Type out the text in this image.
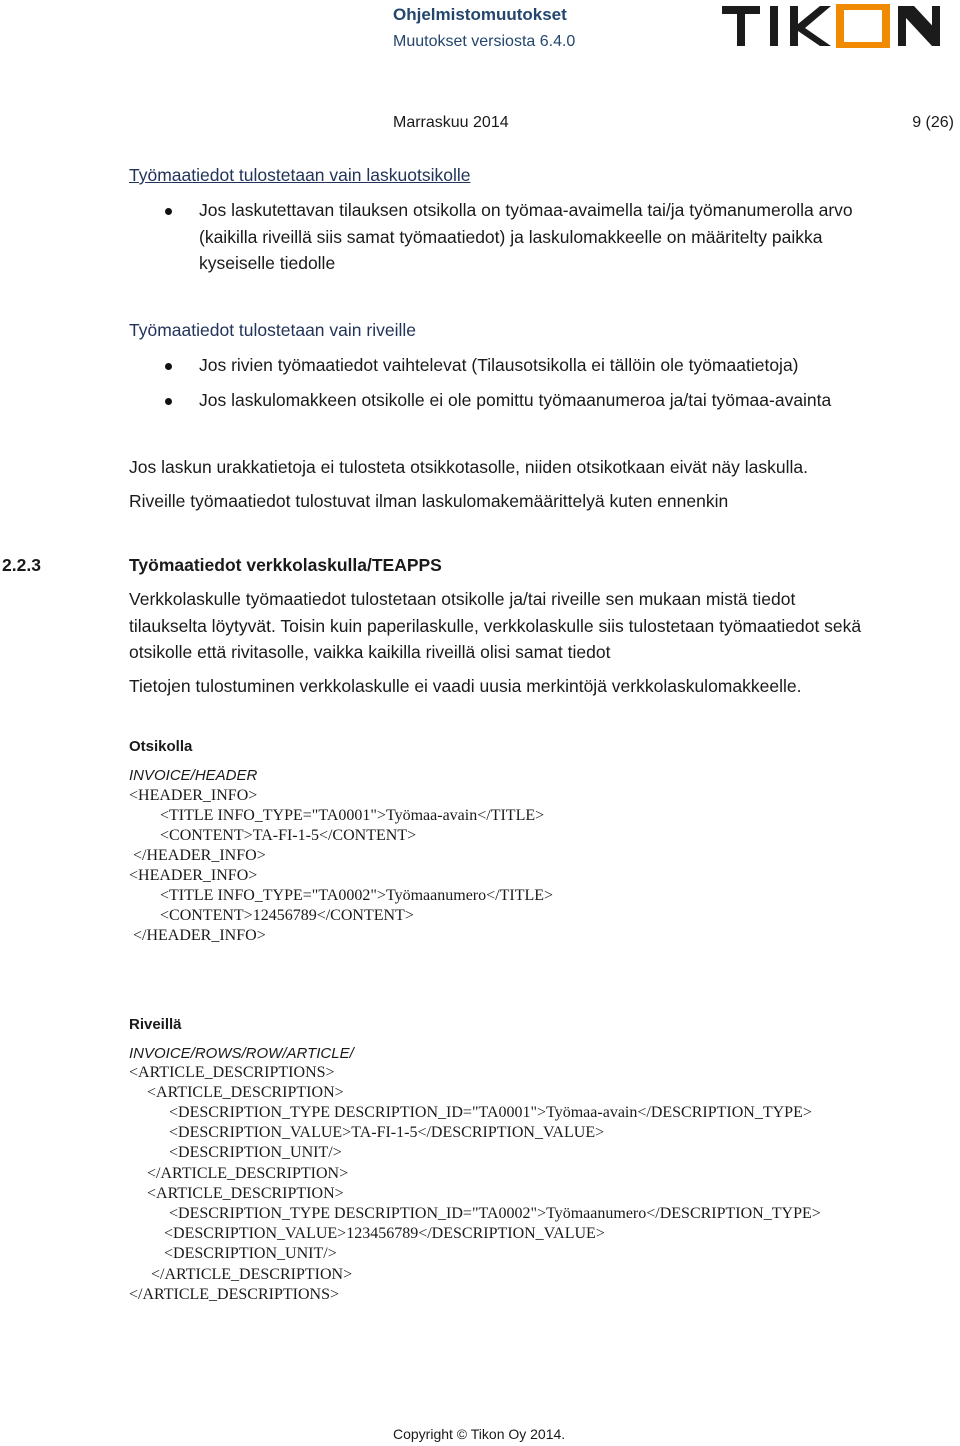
Ohjelmistomuutokset
Muutokset versiosta 6.4.0
Marraskuu 2014	9 (26)
Työmaatiedot tulostetaan vain laskuotsikolle
Jos laskutettavan tilauksen otsikolla on työmaa-avaimella tai/ja työmanumerolla arvo
(kaikilla riveillä siis samat työmaatiedot) ja laskulomakkeelle on määritelty paikka
kyseiselle tiedolle
Työmaatiedot tulostetaan vain riveille
Jos rivien työmaatiedot vaihtelevat (Tilausotsikolla ei tällöin ole työmaatietoja)
Jos laskulomakkeen otsikolle ei ole pomittu työmaanumeroa ja/tai työmaa-avainta
Jos laskun urakkatietoja ei tulosteta otsikkotasolle, niiden otsikotkaan eivät näy laskulla.
Riveille työmaatiedot tulostuvat ilman laskulomakemäärittelyä kuten ennenkin
2.2.3	Työmaatiedot verkkolaskulla/TEAPPS
Verkkolaskulle työmaatiedot tulostetaan otsikolle ja/tai riveille sen mukaan mistä tiedot
tilaukselta löytyvät. Toisin kuin paperilaskulle, verkkolaskulle siis tulostetaan työmaatiedot sekä
otsikolle että rivitasolle, vaikka kaikilla riveillä olisi samat tiedot
Tietojen tulostuminen verkkolaskulle ei vaadi uusia merkintöjä verkkolaskulomakkeelle.
Otsikolla
INVOICE/HEADER
<HEADER_INFO>
<TITLE INFO_TYPE="TA0001">Työmaa-avain</TITLE>
<CONTENT>TA-FI-1-5</CONTENT>
</HEADER_INFO>
<HEADER_INFO>
<TITLE INFO_TYPE="TA0002">Työmaanumero</TITLE>
<CONTENT>12456789</CONTENT>
</HEADER_INFO>
Riveillä
INVOICE/ROWS/ROW/ARTICLE/
<ARTICLE_DESCRIPTIONS>
<ARTICLE_DESCRIPTION>
<DESCRIPTION_TYPE DESCRIPTION_ID="TA0001">Työmaa-avain</DESCRIPTION_TYPE>
<DESCRIPTION_VALUE>TA-FI-1-5</DESCRIPTION_VALUE>
<DESCRIPTION_UNIT/>
</ARTICLE_DESCRIPTION>
<ARTICLE_DESCRIPTION>
<DESCRIPTION_TYPE DESCRIPTION_ID="TA0002">Työmaanumero</DESCRIPTION_TYPE>
<DESCRIPTION_VALUE>123456789</DESCRIPTION_VALUE>
<DESCRIPTION_UNIT/>
</ARTICLE_DESCRIPTION>
</ARTICLE_DESCRIPTIONS>
Copyright © Tikon Oy 2014.
